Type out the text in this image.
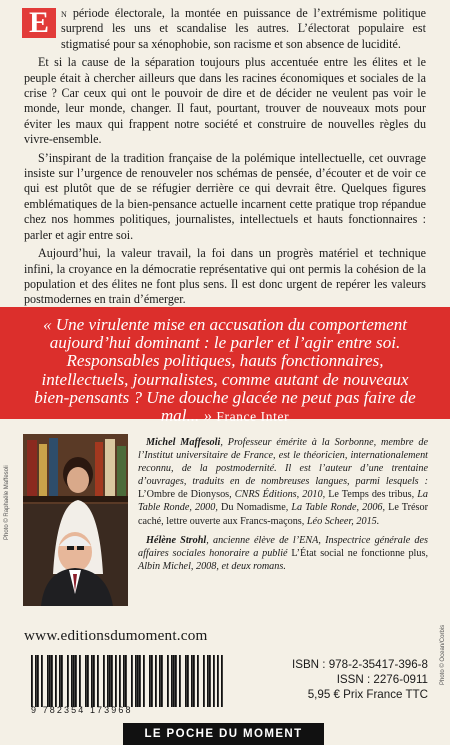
E n période électorale, la montée en puissance de l’extrémisme politique surprend les uns et scandalise les autres. L’électorat populaire est stigmatisé pour sa xénophobie, son racisme et son absence de lucidité.

Et si la cause de la séparation toujours plus accentuée entre les élites et le peuple était à chercher ailleurs que dans les racines économiques et sociales de la crise ? Car ceux qui ont le pouvoir de dire et de décider ne veulent pas voir le monde, leur monde, changer. Il faut, pourtant, trouver de nouveaux mots pour éviter les maux qui frappent notre société et construire de nouvelles règles du vivre-ensemble.

S’inspirant de la tradition française de la polémique intellectuelle, cet ouvrage insiste sur l’urgence de renouveler nos schémas de pensée, d’écouter et de voir ce qui est plutôt que de se réfugier derrière ce qui devrait être. Quelques figures emblématiques de la bien-pensance actuelle incarnent cette pratique trop répandue chez nos hommes politiques, journalistes, intellectuels et hauts fonctionnaires : parler et agir entre soi.

Aujourd’hui, la valeur travail, la foi dans un progrès matériel et technique infini, la croyance en la démocratie représentative qui ont permis la cohésion de la population et des élites ne font plus sens. Il est donc urgent de repérer les valeurs postmodernes en train d’émerger.

« Une virulente mise en accusation du comportement aujourd’hui dominant : le parler et l’agir entre soi. Responsables politiques, hauts fonctionnaires, intellectuels, journalistes, comme autant de nouveaux bien-pensants ? Une douche glacée ne peut pas faire de mal... » France Inter
Photo © Raphaële Maffesoli

Michel Maffesoli, Professeur émérite à la Sorbonne, membre de l’Institut universitaire de France, est le théoricien, internationalement reconnu, de la postmodernité. Il est l’auteur d’une trentaine d’ouvrages, traduits en de nombreuses langues, parmi lesquels : L’Ombre de Dionysos, CNRS Éditions, 2010, Le Temps des tribus, La Table Ronde, 2000, Du Nomadisme, La Table Ronde, 2006, Le Trésor caché, lettre ouverte aux Francs-maçons, Léo Scheer, 2015.

Hélène Strohl, ancienne élève de l’ENA, Inspectrice générale des affaires sociales honoraire a publié L’État social ne fonctionne plus, Albin Michel, 2008, et deux romans.

www.editionsdumoment.com
9 782354 173968
ISBN : 978-2-35417-396-8
ISSN : 2276-0911
5,95 € Prix France TTC
Photo © Ocean/Corbis
LE POCHE DU MOMENT
